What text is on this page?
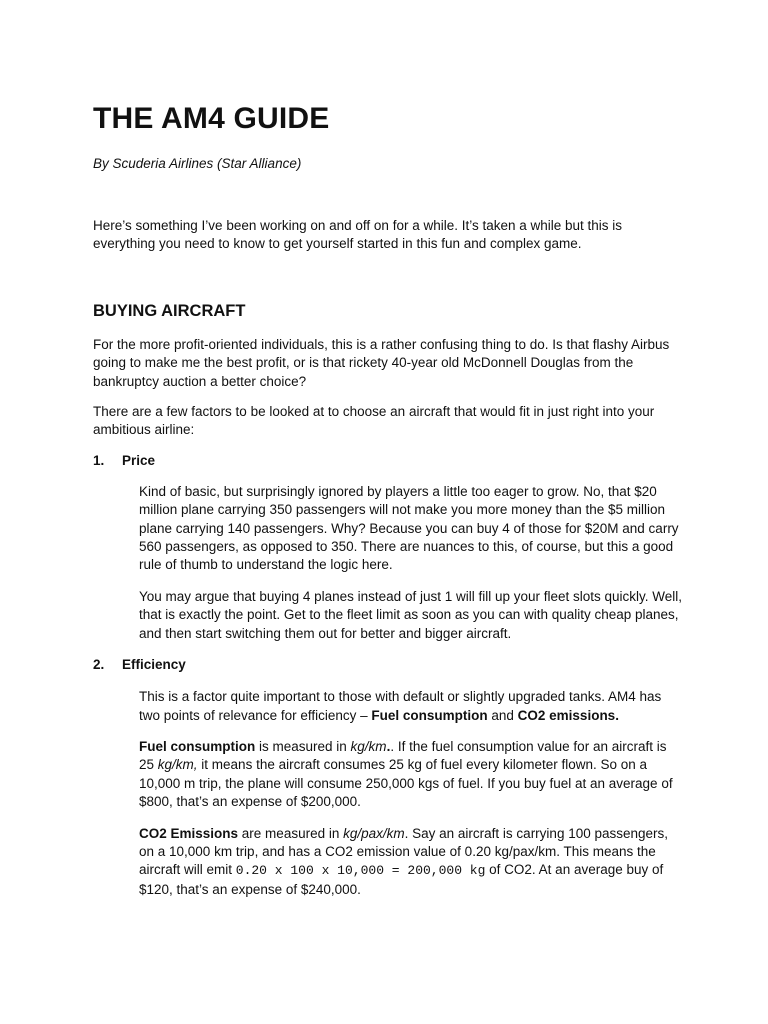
THE AM4 GUIDE

By Scuderia Airlines (Star Alliance)

Here’s something I’ve been working on and off on for a while. It’s taken a while but this is everything you need to know to get yourself started in this fun and complex game.

BUYING AIRCRAFT

For the more profit-oriented individuals, this is a rather confusing thing to do. Is that flashy Airbus going to make me the best profit, or is that rickety 40-year old McDonnell Douglas from the bankruptcy auction a better choice?

There are a few factors to be looked at to choose an aircraft that would fit in just right into your ambitious airline:

1.	Price

Kind of basic, but surprisingly ignored by players a little too eager to grow. No, that $20 million plane carrying 350 passengers will not make you more money than the $5 million plane carrying 140 passengers. Why? Because you can buy 4 of those for $20M and carry 560 passengers, as opposed to 350. There are nuances to this, of course, but this a good rule of thumb to understand the logic here.

You may argue that buying 4 planes instead of just 1 will fill up your fleet slots quickly. Well, that is exactly the point. Get to the fleet limit as soon as you can with quality cheap planes, and then start switching them out for better and bigger aircraft.

2.	Efficiency

This is a factor quite important to those with default or slightly upgraded tanks. AM4 has two points of relevance for efficiency – Fuel consumption and CO2 emissions.

Fuel consumption is measured in kg/km.. If the fuel consumption value for an aircraft is 25 kg/km, it means the aircraft consumes 25 kg of fuel every kilometer flown. So on a 10,000 m trip, the plane will consume 250,000 kgs of fuel. If you buy fuel at an average of $800, that’s an expense of $200,000.

CO2 Emissions are measured in kg/pax/km. Say an aircraft is carrying 100 passengers, on a 10,000 km trip, and has a CO2 emission value of 0.20 kg/pax/km. This means the aircraft will emit 0.20 x 100 x 10,000 = 200,000 kg of CO2. At an average buy of $120, that’s an expense of $240,000.
